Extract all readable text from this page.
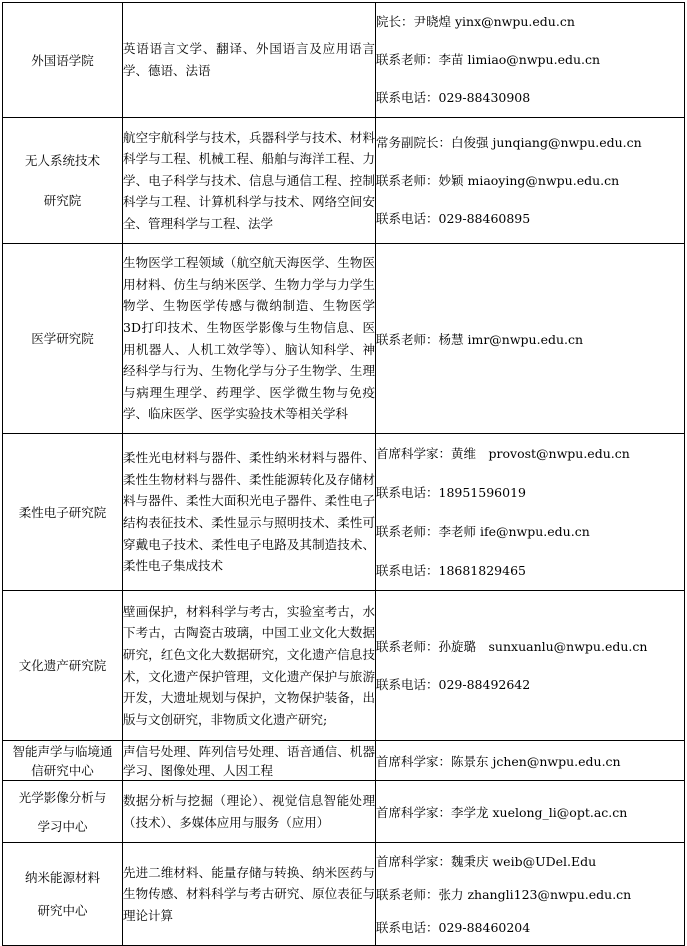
外国语学院	英语语言文学、翻译、外国语言及应用语言学、德语、法语	院长：尹晓煌 yinx@nwpu.edu.cn
联系老师：李苗 limiao@nwpu.edu.cn
联系电话：029-88430908

无人系统技术
研究院	航空宇航科学与技术，兵器科学与技术、材料科学与工程、机械工程、船舶与海洋工程、力学、电子科学与技术、信息与通信工程、控制科学与工程、计算机科学与技术、网络空间安全、管理科学与工程、法学	常务副院长：白俊强 junqiang@nwpu.edu.cn
联系老师：妙颖 miaoying@nwpu.edu.cn
联系电话：029-88460895

医学研究院	生物医学工程领域（航空航天海医学、生物医用材料、仿生与纳米医学、生物力学与力学生物学、生物医学传感与微纳制造、生物医学3D打印技术、生物医学影像与生物信息、医用机器人、人机工效学等）、脑认知科学、神经科学与行为、生物化学与分子生物学、生理与病理生理学、药理学、医学微生物与免疫学、临床医学、医学实验技术等相关学科	联系老师：杨慧 imr@nwpu.edu.cn

柔性电子研究院	柔性光电材料与器件、柔性纳米材料与器件、柔性生物材料与器件、柔性能源转化及存储材料与器件、柔性大面积光电子器件、柔性电子结构表征技术、柔性显示与照明技术、柔性可穿戴电子技术、柔性电子电路及其制造技术、柔性电子集成技术	首席科学家：黄维　provost@nwpu.edu.cn
联系电话：18951596019
联系老师：李老师 ife@nwpu.edu.cn
联系电话：18681829465

文化遗产研究院	壁画保护，材料科学与考古，实验室考古，水下考古，古陶瓷古玻璃，中国工业文化大数据研究，红色文化大数据研究，文化遗产信息技术，文化遗产保护管理，文化遗产保护与旅游开发，大遗址规划与保护，文物保护装备，出版与文创研究，非物质文化遗产研究;	联系老师：孙旋璐　sunxuanlu@nwpu.edu.cn
联系电话：029-88492642

智能声学与临境通
信研究中心	声信号处理、阵列信号处理、语音通信、机器学习、图像处理、人因工程	首席科学家：陈景东 jchen@nwpu.edu.cn

光学影像分析与
学习中心	数据分析与挖掘（理论）、视觉信息智能处理（技术）、多媒体应用与服务（应用）	首席科学家：李学龙 xuelong_li@opt.ac.cn

纳米能源材料
研究中心	先进二维材料、能量存储与转换、纳米医药与生物传感、材料科学与考古研究、原位表征与理论计算	首席科学家：魏秉庆 weib@UDel.Edu
联系老师：张力 zhangli123@nwpu.edu.cn
联系电话：029-88460204
